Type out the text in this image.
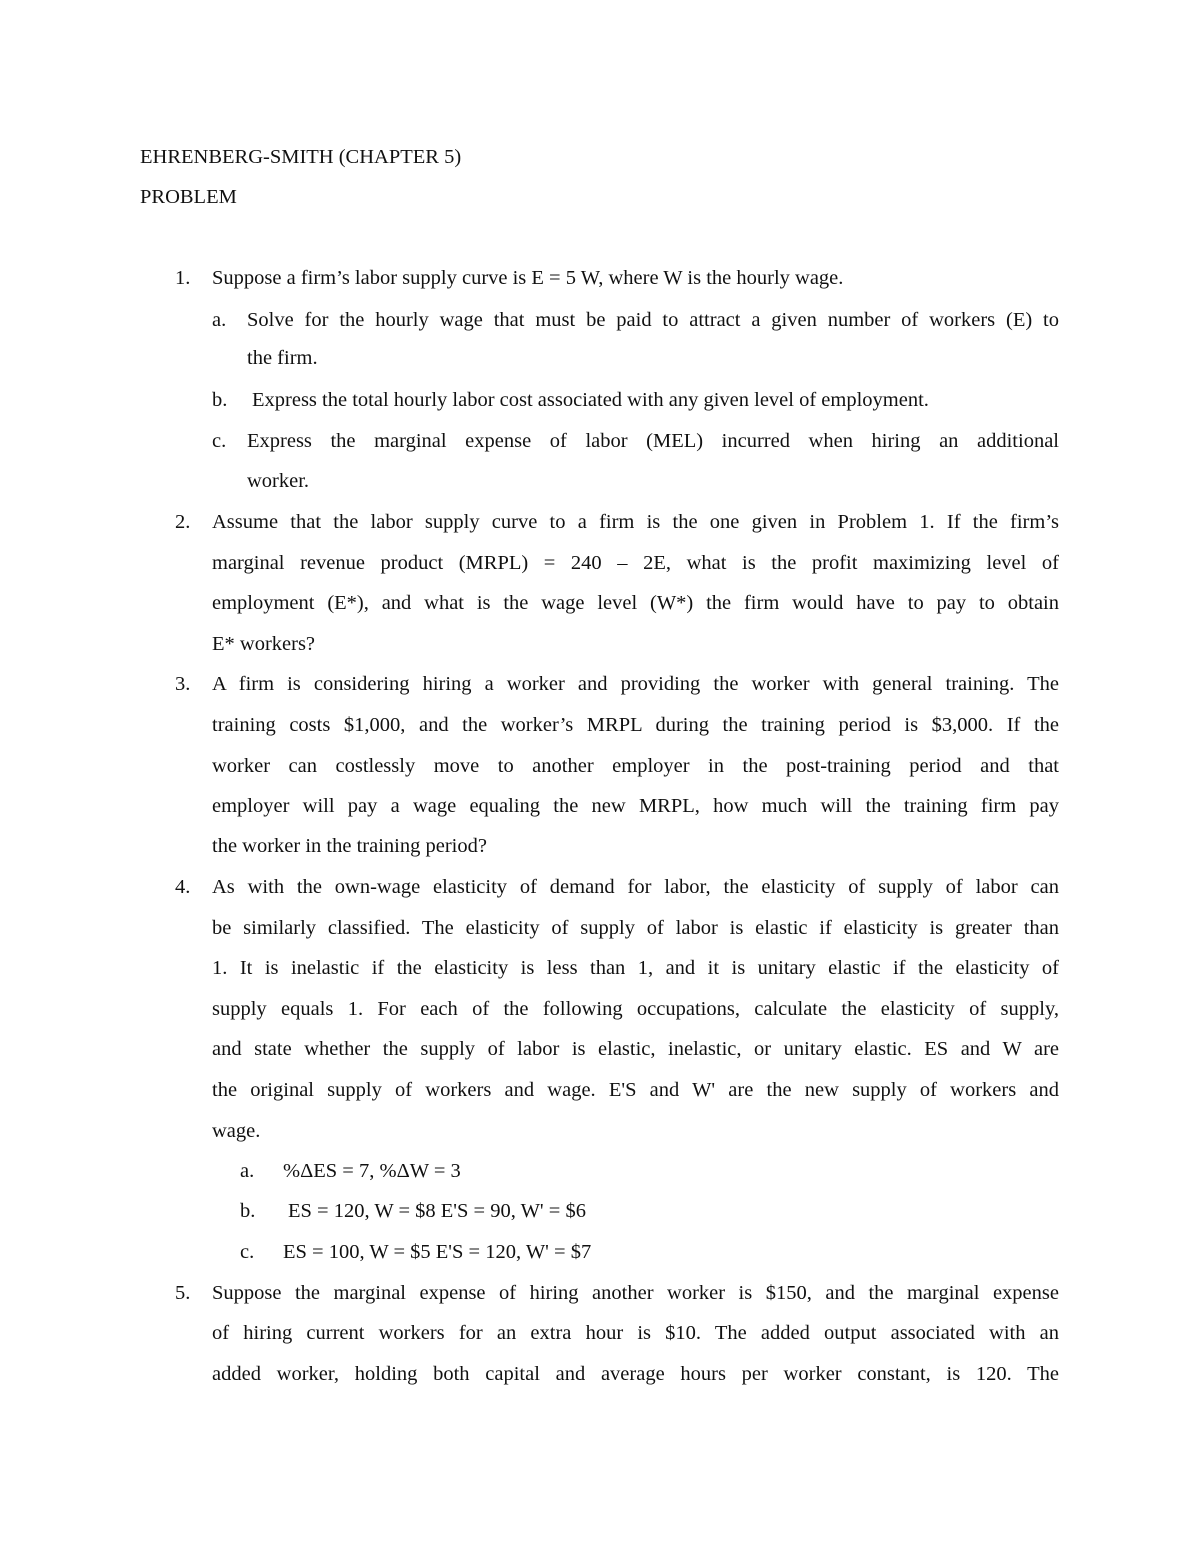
EHRENBERG-SMITH (CHAPTER 5)
PROBLEM
1. Suppose a firm’s labor supply curve is E = 5 W, where W is the hourly wage.
a. Solve for the hourly wage that must be paid to attract a given number of workers (E) to
the firm.
b. Express the total hourly labor cost associated with any given level of employment.
c. Express the marginal expense of labor (MEL) incurred when hiring an additional
worker.
2. Assume that the labor supply curve to a firm is the one given in Problem 1. If the firm’s
marginal revenue product (MRPL) = 240 – 2E, what is the profit maximizing level of
employment (E*), and what is the wage level (W*) the firm would have to pay to obtain
E* workers?
3. A firm is considering hiring a worker and providing the worker with general training. The
training costs $1,000, and the worker’s MRPL during the training period is $3,000. If the
worker can costlessly move to another employer in the post-training period and that
employer will pay a wage equaling the new MRPL, how much will the training firm pay
the worker in the training period?
4. As with the own-wage elasticity of demand for labor, the elasticity of supply of labor can
be similarly classified. The elasticity of supply of labor is elastic if elasticity is greater than
1. It is inelastic if the elasticity is less than 1, and it is unitary elastic if the elasticity of
supply equals 1. For each of the following occupations, calculate the elasticity of supply,
and state whether the supply of labor is elastic, inelastic, or unitary elastic. ES and W are
the original supply of workers and wage. E'S and W' are the new supply of workers and
wage.
a. %ΔES = 7, %ΔW = 3
b. ES = 120, W = $8 E'S = 90, W' = $6
c. ES = 100, W = $5 E'S = 120, W' = $7
5. Suppose the marginal expense of hiring another worker is $150, and the marginal expense
of hiring current workers for an extra hour is $10. The added output associated with an
added worker, holding both capital and average hours per worker constant, is 120. The
